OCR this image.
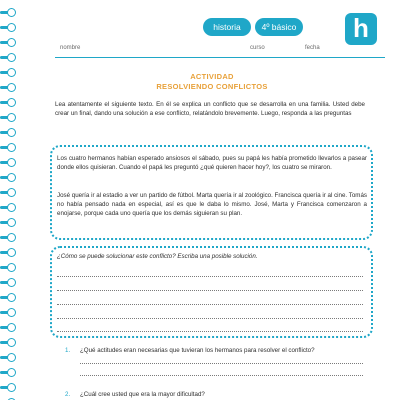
historia	4º básico	h
nombre	curso	fecha
ACTIVIDAD
RESOLVIENDO CONFLICTOS
Lea atentamente el siguiente texto. En él se explica un conflicto que se desarrolla en una familia. Usted debe crear un final, dando una solución a ese conflicto, relatándolo brevemente. Luego, responda a las preguntas
Los cuatro hermanos habían esperado ansiosos el sábado, pues su papá les había prometido llevarlos a pasear donde ellos quisieran. Cuando el papá les preguntó ¿qué quieren hacer hoy?, los cuatro se miraron.
José quería ir al estadio a ver un partido de fútbol. Marta quería ir al zoológico. Francisca quería ir al cine. Tomás no había pensado nada en especial, así es que le daba lo mismo. José, Marta y Francisca comenzaron a enojarse, porque cada uno quería que los demás siguieran su plan.
¿Cómo se puede solucionar este conflicto? Escriba una posible solución.
1. ¿Qué actitudes eran necesarias que tuvieran los hermanos para resolver el conflicto?
2. ¿Cuál cree usted que era la mayor dificultad?
